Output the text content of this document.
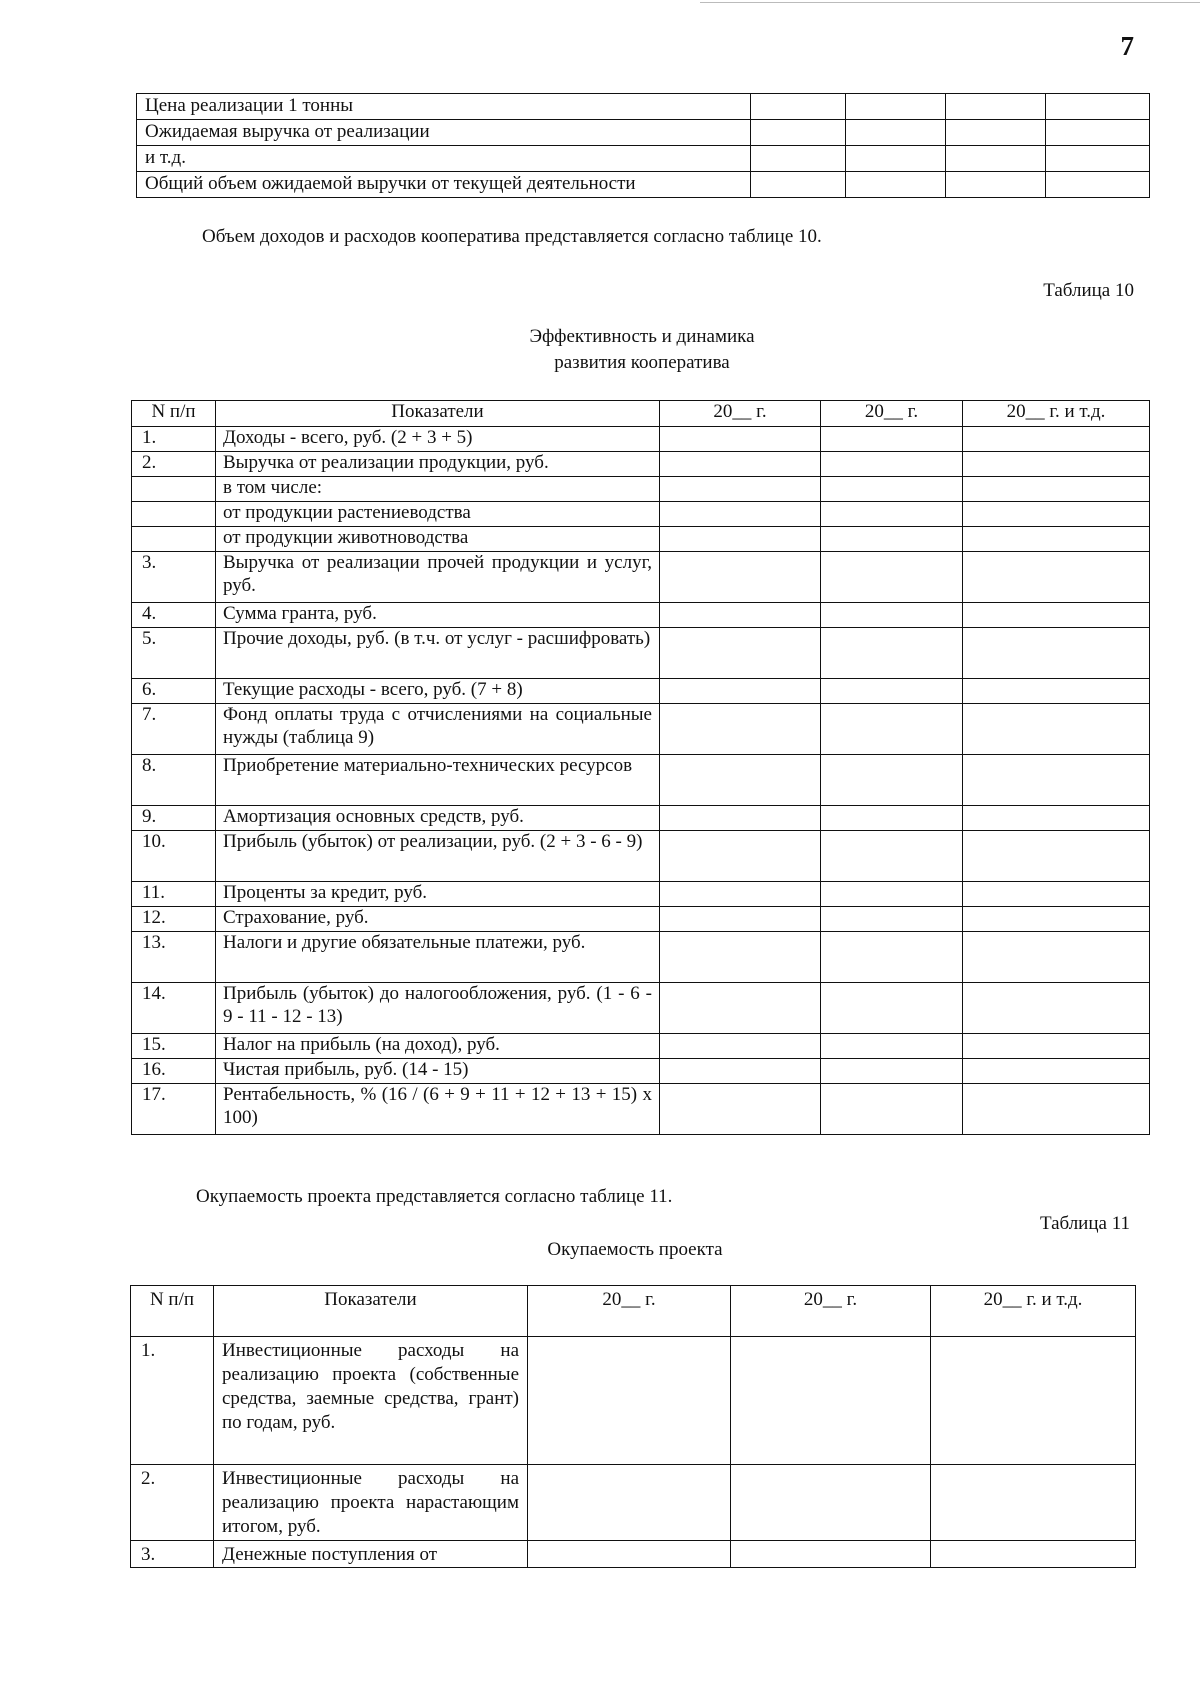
7
Цена реализации 1 тонны				
Ожидаемая выручка от реализации				
и т.д.				
Общий объем ожидаемой выручки от текущей деятельности				
Объем доходов и расходов кооператива представляется согласно таблице 10.
Таблица 10
Эффективность и динамика
развития кооператива
N п/п	Показатели	20__ г.	20__ г.	20__ г. и т.д.
1.	Доходы - всего, руб. (2 + 3 + 5)			
2.	Выручка от реализации продукции, руб.			
	в том числе:			
	от продукции растениеводства			
	от продукции животноводства			
3.	Выручка от реализации прочей продукции и услуг, руб.			
4.	Сумма гранта, руб.			
5.	Прочие доходы, руб. (в т.ч. от услуг - расшифровать)			
6.	Текущие расходы - всего, руб. (7 + 8)			
7.	Фонд оплаты труда с отчислениями на социальные нужды (таблица 9)			
8.	Приобретение материально-технических ресурсов			
9.	Амортизация основных средств, руб.			
10.	Прибыль (убыток) от реализации, руб. (2 + 3 - 6 - 9)			
11.	Проценты за кредит, руб.			
12.	Страхование, руб.			
13.	Налоги и другие обязательные платежи, руб.			
14.	Прибыль (убыток) до налогообложения, руб. (1 - 6 - 9 - 11 - 12 - 13)			
15.	Налог на прибыль (на доход), руб.			
16.	Чистая прибыль, руб. (14 - 15)			
17.	Рентабельность, % (16 / (6 + 9 + 11 + 12 + 13 + 15) x 100)			
Окупаемость проекта представляется согласно таблице 11.
Таблица 11
Окупаемость проекта
N п/п	Показатели	20__ г.	20__ г.	20__ г. и т.д.
1.	Инвестиционные расходы на реализацию проекта (собственные средства, заемные средства, грант) по годам, руб.			
2.	Инвестиционные расходы на реализацию проекта нарастающим итогом, руб.			
3.	Денежные поступления от			
